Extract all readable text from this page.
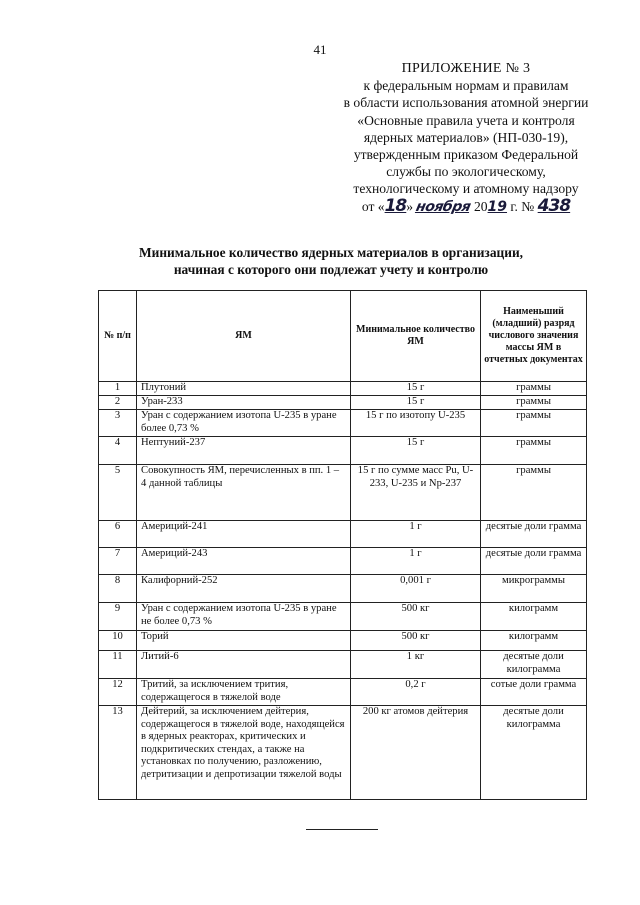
41
ПРИЛОЖЕНИЕ № 3
к федеральным нормам и правилам
в области использования атомной энергии
«Основные правила учета и контроля
ядерных материалов» (НП-030-19),
утвержденным приказом Федеральной
службы по экологическому,
технологическому и атомному надзору
от «18» ноября 2019 г. № 438
Минимальное количество ядерных материалов в организации,
начиная с которого они подлежат учету и контролю
№ п/п	ЯМ	Минимальное количество ЯМ	Наименьший (младший) разряд числового значения массы ЯМ в отчетных документах
1	Плутоний	15 г	граммы
2	Уран-233	15 г	граммы
3	Уран с содержанием изотопа U-235 в уране более 0,73 %	15 г по изотопу U-235	граммы
4	Нептуний-237	15 г	граммы
5	Совокупность ЯМ, перечисленных в пп. 1 – 4 данной таблицы	15 г по сумме масс Pu, U-233, U-235 и Np-237	граммы
6	Америций-241	1 г	десятые доли грамма
7	Америций-243	1 г	десятые доли грамма
8	Калифорний-252	0,001 г	микрограммы
9	Уран с содержанием изотопа U-235 в уране не более 0,73 %	500 кг	килограмм
10	Торий	500 кг	килограмм
11	Литий-6	1 кг	десятые доли килограмма
12	Тритий, за исключением трития, содержащегося в тяжелой воде	0,2 г	сотые доли грамма
13	Дейтерий, за исключением дейтерия, содержащегося в тяжелой воде, находящейся в ядерных реакторах, критических и подкритических стендах, а также на установках по получению, разложению, детритизации и депротизации тяжелой воды	200 кг атомов дейтерия	десятые доли килограмма
